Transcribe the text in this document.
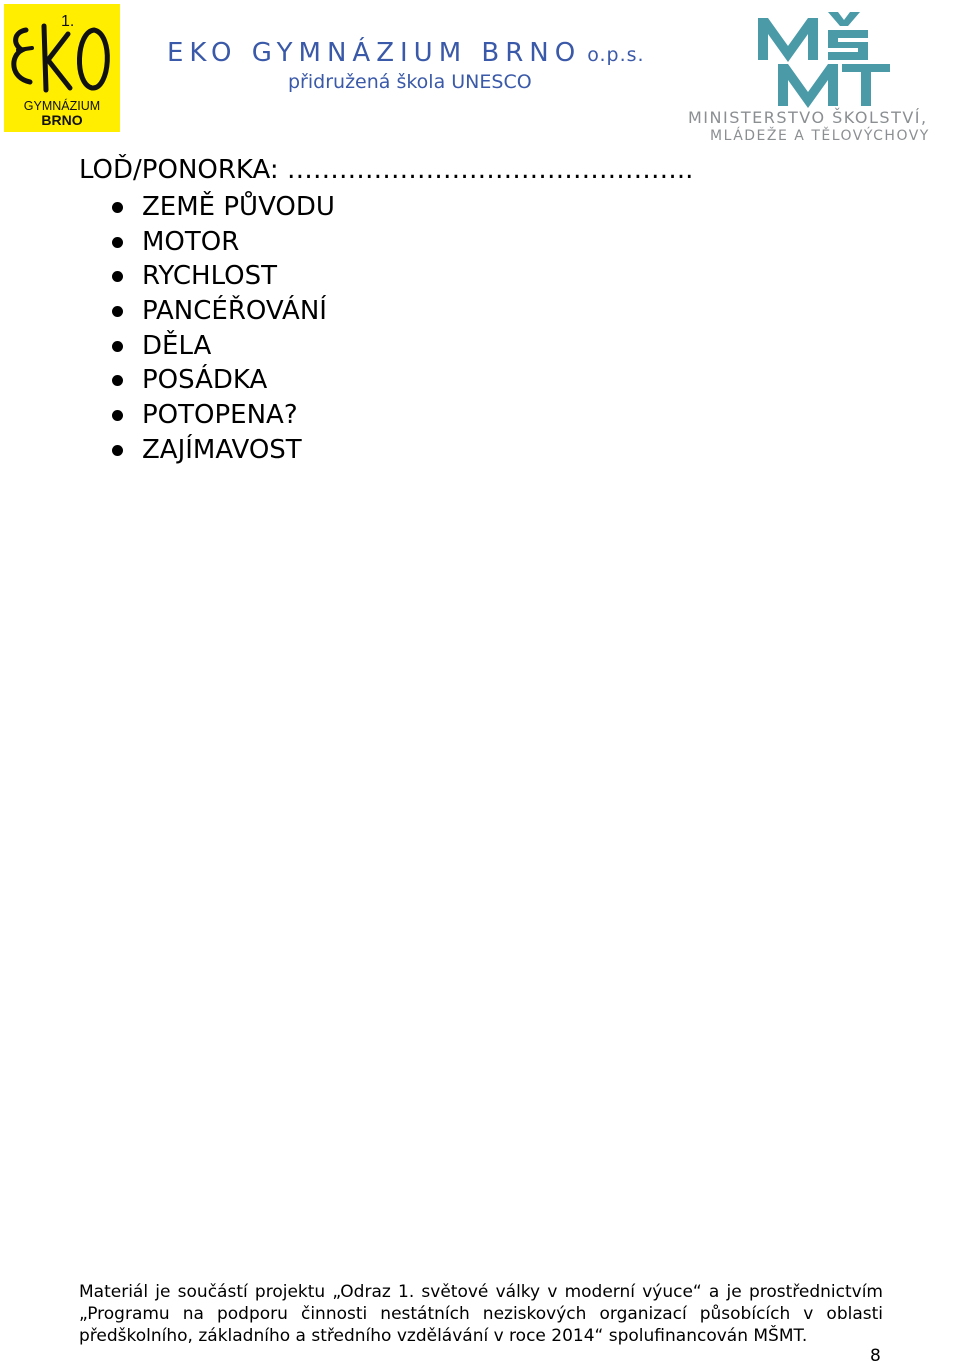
1.
GYMNÁZIUM
BRNO
EKO GYMNÁZIUM BRNO o.p.s.
přidružená škola UNESCO
MINISTERSTVO ŠKOLSTVÍ,
MLÁDEŽE A TĚLOVÝCHOVY
LOĎ/PONORKA: ………………………………………..
ZEMĚ PŮVODU
MOTOR
RYCHLOST
PANCÉŘOVÁNÍ
DĚLA
POSÁDKA
POTOPENA?
ZAJÍMAVOST
Materiál je součástí projektu „Odraz 1. světové války v moderní výuce“ a je prostřednictvím
„Programu na podporu činnosti nestátních neziskových organizací působících v oblasti
předškolního, základního a středního vzdělávání v roce 2014“ spolufinancován MŠMT.
8
